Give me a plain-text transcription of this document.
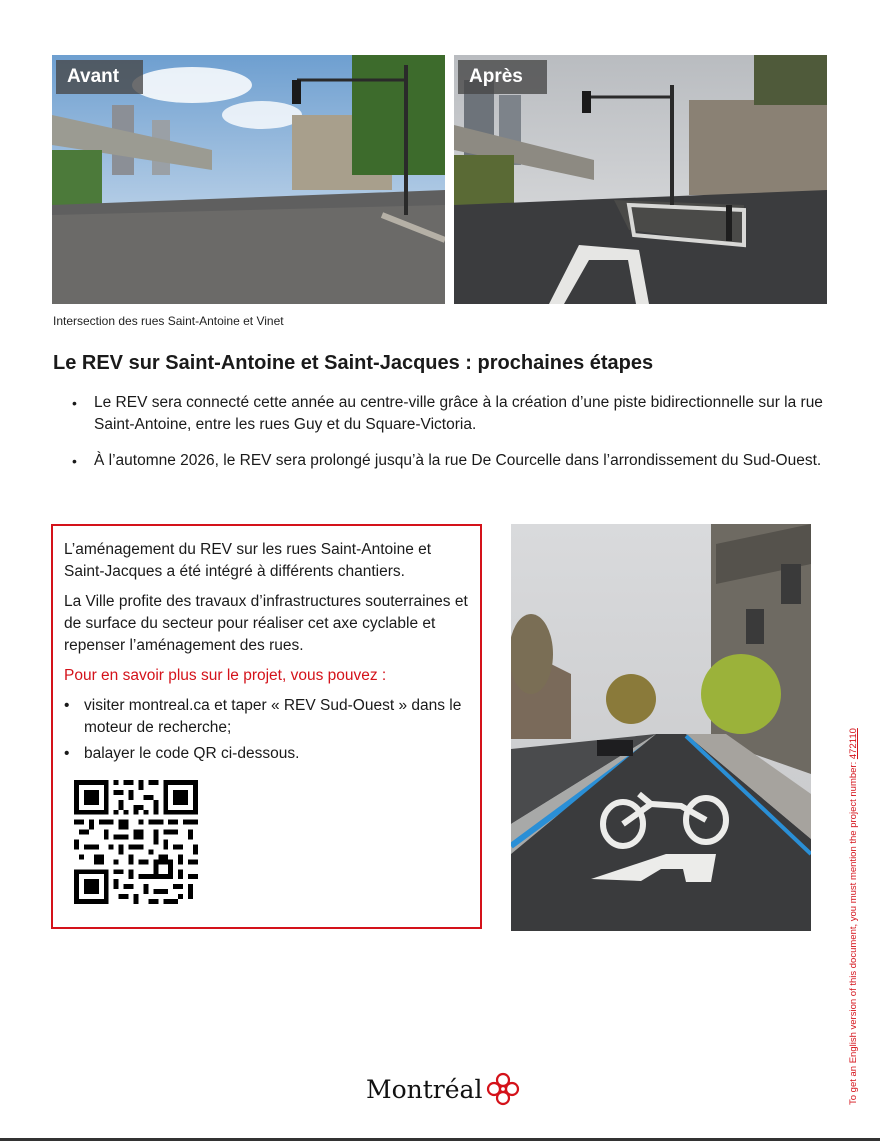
Avant	Après
Intersection des rues Saint-Antoine et Vinet
Le REV sur Saint-Antoine et Saint-Jacques : prochaines étapes
• Le REV sera connecté cette année au centre-ville grâce à la création d’une piste bidirectionnelle sur la rue Saint-Antoine, entre les rues Guy et du Square-Victoria.
• À l’automne 2026, le REV sera prolongé jusqu’à la rue De Courcelle dans l’arrondissement du Sud-Ouest.

L’aménagement du REV sur les rues Saint-Antoine et Saint-Jacques a été intégré à différents chantiers.

La Ville profite des travaux d’infrastructures souterraines et de surface du secteur pour réaliser cet axe cyclable et repenser l’aménagement des rues.

Pour en savoir plus sur le projet, vous pouvez :

• visiter montreal.ca et taper « REV Sud-Ouest » dans le moteur de recherche;
• balayer le code QR ci-dessous.
To get an English version of this document, you must mention the project number: 472110
Montréal
